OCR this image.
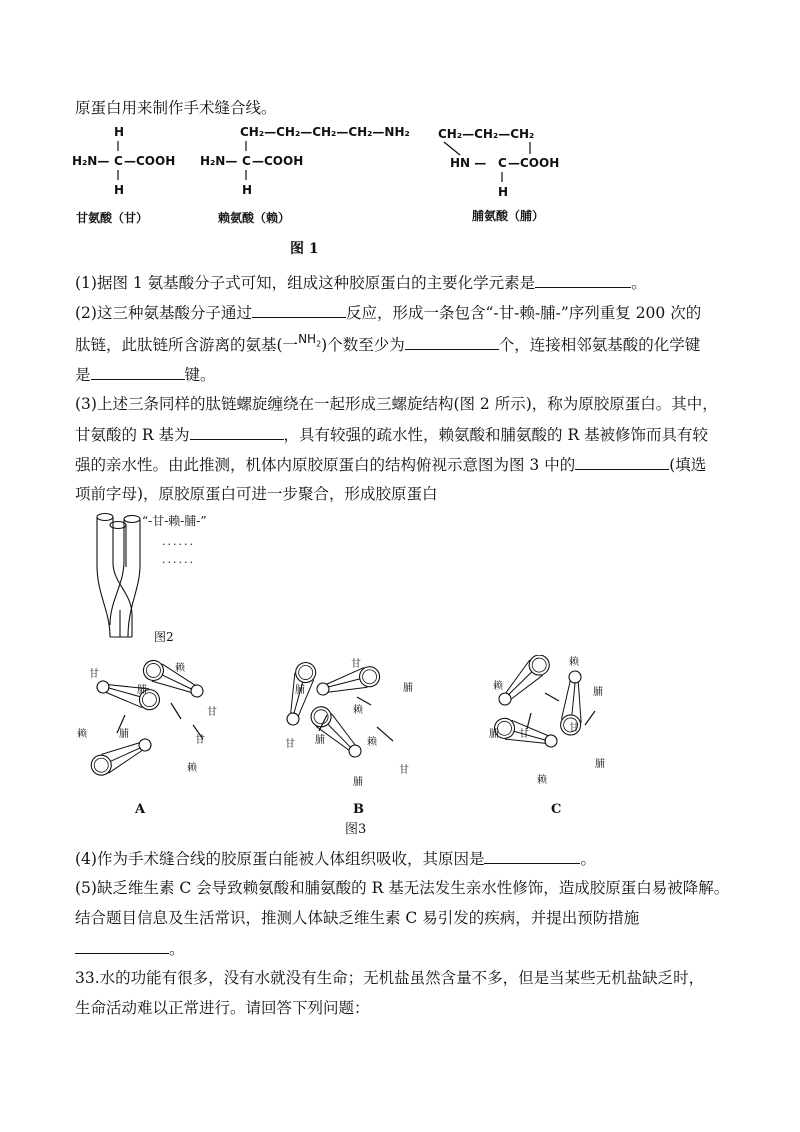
原蛋白用来制作手术缝合线。
H
H₂N— C —COOH
H
CH₂—CH₂—CH₂—CH₂—NH₂
H₂N— C —COOH
H
CH₂—CH₂—CH₂
HN — C —COOH
H
甘氨酸（甘）	赖氨酸（赖）	脯氨酸（脯）
图 1
(1)据图 1 氨基酸分子式可知，组成这种胶原蛋白的主要化学元素是	。
(2)这三种氨基酸分子通过	反应，形成一条包含“-甘-赖-脯-”序列重复 200 次的
肽链，此肽链所含游离的氨基(一$^{NH_2}$)个数至少为	个，连接相邻氨基酸的化学键
是	键。
(3)上述三条同样的肽链螺旋缠绕在一起形成三螺旋结构(图 2 所示)，称为原胶原蛋白。其中，
甘氨酸的 R 基为	，具有较强的疏水性，赖氨酸和脯氨酸的 R 基被修饰而具有较
强的亲水性。由此推测，机体内原胶原蛋白的结构俯视示意图为图 3 中的	(填选
项前字母)，原胶原蛋白可进一步聚合，形成胶原蛋白
“-甘-赖-脯-”
......
......
图2
甘
赖
脯
甘
赖	脯
甘
赖
甘
脯	脯
赖
赖
甘 脯
甘
脯
赖
赖
脯
脯 甘
甘
脯
赖
A	B	C
图3
(4)作为手术缝合线的胶原蛋白能被人体组织吸收，其原因是	。
(5)缺乏维生素 C 会导致赖氨酸和脯氨酸的 R 基无法发生亲水性修饰，造成胶原蛋白易被降解。
结合题目信息及生活常识，推测人体缺乏维生素 C 易引发的疾病，并提出预防措施
。
33.水的功能有很多，没有水就没有生命；无机盐虽然含量不多，但是当某些无机盐缺乏时，
生命活动难以正常进行。请回答下列问题：
